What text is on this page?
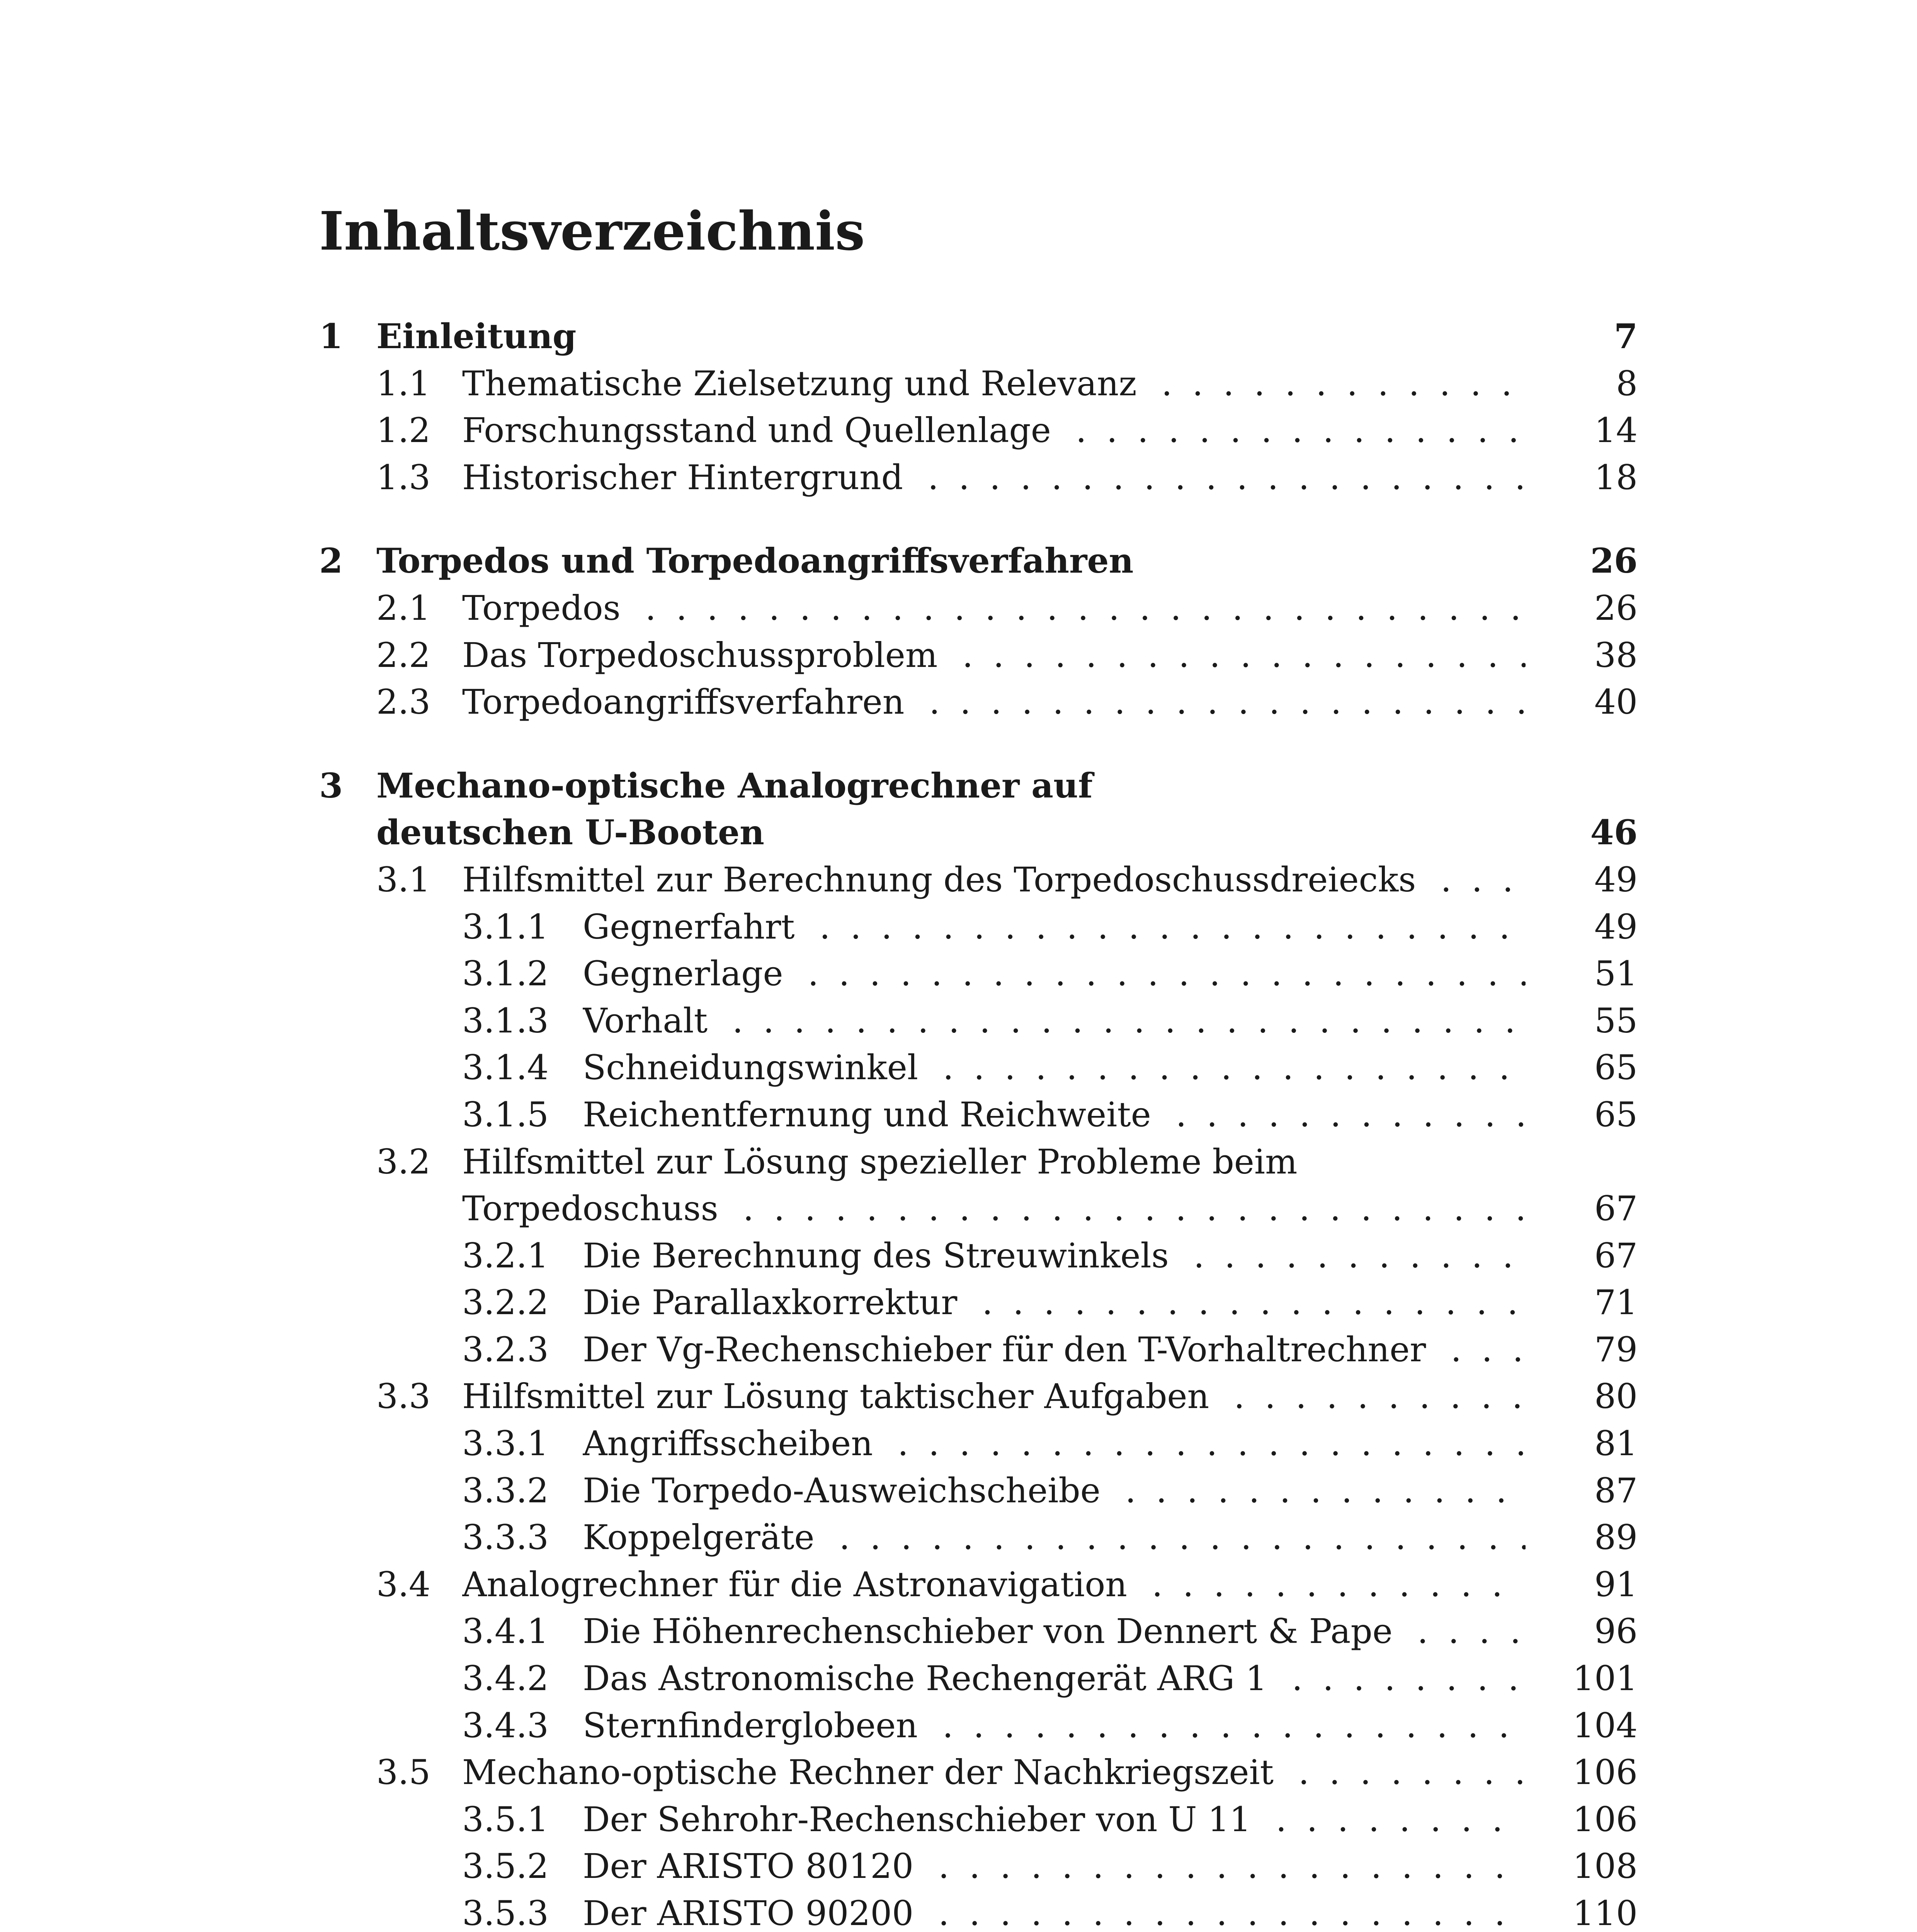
Inhaltsverzeichnis
1 Einleitung	7
1.1 Thematische Zielsetzung und Relevanz . . .	8
1.2 Forschungsstand und Quellenlage . . .	14
1.3 Historischer Hintergrund . . .	18
2 Torpedos und Torpedoangriffsverfahren	26
2.1 Torpedos . . .	26
2.2 Das Torpedoschussproblem . . .	38
2.3 Torpedoangriffsverfahren . . .	40
3 Mechano-optische Analogrechner auf
deutschen U-Booten	46
3.1 Hilfsmittel zur Berechnung des Torpedoschussdreiecks . . .	49
3.1.1 Gegnerfahrt . . .	49
3.1.2 Gegnerlage . . .	51
3.1.3 Vorhalt . . .	55
3.1.4 Schneidungswinkel . . .	65
3.1.5 Reichentfernung und Reichweite . . .	65
3.2 Hilfsmittel zur Lösung spezieller Probleme beim
Torpedoschuss . . .	67
3.2.1 Die Berechnung des Streuwinkels . . .	67
3.2.2 Die Parallaxkorrektur . . .	71
3.2.3 Der Vg-Rechenschieber für den T-Vorhaltrechner . . .	79
3.3 Hilfsmittel zur Lösung taktischer Aufgaben . . .	80
3.3.1 Angriffsscheiben . . .	81
3.3.2 Die Torpedo-Ausweichscheibe . . .	87
3.3.3 Koppelgeräte . . .	89
3.4 Analogrechner für die Astronavigation . . .	91
3.4.1 Die Höhenrechenschieber von Dennert & Pape . . .	96
3.4.2 Das Astronomische Rechengerät ARG 1 . . .	101
3.4.3 Sternfinderglobeen . . .	104
3.5 Mechano-optische Rechner der Nachkriegszeit . . .	106
3.5.1 Der Sehrohr-Rechenschieber von U 11 . . .	106
3.5.2 Der ARISTO 80120 . . .	108
3.5.3 Der ARISTO 90200 . . .	110
